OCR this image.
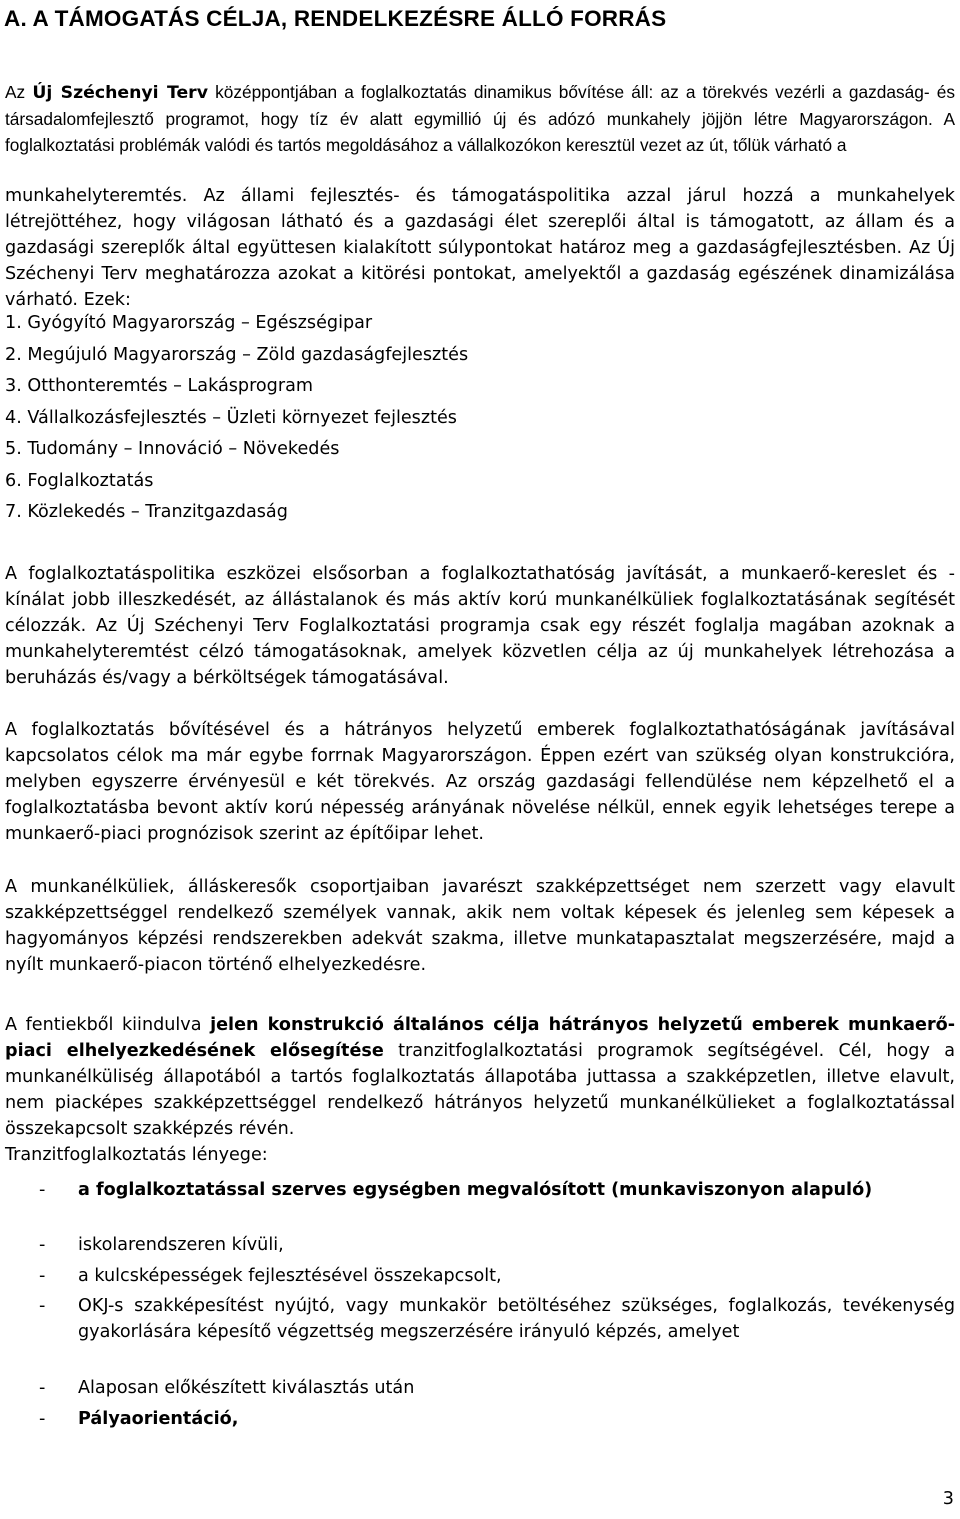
A. A TÁMOGATÁS CÉLJA, RENDELKEZÉSRE ÁLLÓ FORRÁS
Az Új Széchenyi Terv középpontjában a foglalkoztatás dinamikus bővítése áll: az a törekvés vezérli a gazdaság- és társadalomfejlesztő programot, hogy tíz év alatt egymillió új és adózó munkahely jöjjön létre Magyarországon. A foglalkoztatási problémák valódi és tartós megoldásához a vállalkozókon keresztül vezet az út, tőlük várható a
munkahelyteremtés. Az állami fejlesztés- és támogatáspolitika azzal járul hozzá a munkahelyek létrejöttéhez, hogy világosan látható és a gazdasági élet szereplői által is támogatott, az állam és a gazdasági szereplők által együttesen kialakított súlypontokat határoz meg a gazdaságfejlesztésben. Az Új Széchenyi Terv meghatározza azokat a kitörési pontokat, amelyektől a gazdaság egészének dinamizálása várható. Ezek:
1. Gyógyító Magyarország – Egészségipar
2. Megújuló Magyarország – Zöld gazdaságfejlesztés
3. Otthonteremtés – Lakásprogram
4. Vállalkozásfejlesztés – Üzleti környezet fejlesztés
5. Tudomány – Innováció – Növekedés
6. Foglalkoztatás
7. Közlekedés – Tranzitgazdaság
A foglalkoztatáspolitika eszközei elsősorban a foglalkoztathatóság javítását, a munkaerő-kereslet és - kínálat jobb illeszkedését, az állástalanok és más aktív korú munkanélküliek foglalkoztatásának segítését célozzák. Az Új Széchenyi Terv Foglalkoztatási programja csak egy részét foglalja magában azoknak a munkahelyteremtést célzó támogatásoknak, amelyek közvetlen célja az új munkahelyek létrehozása a beruházás és/vagy a bérköltségek támogatásával.
A foglalkoztatás bővítésével és a hátrányos helyzetű emberek foglalkoztathatóságának javításával kapcsolatos célok ma már egybe forrnak Magyarországon. Éppen ezért van szükség olyan konstrukcióra, melyben egyszerre érvényesül e két törekvés. Az ország gazdasági fellendülése nem képzelhető el a foglalkoztatásba bevont aktív korú népesség arányának növelése nélkül, ennek egyik lehetséges terepe a munkaerő-piaci prognózisok szerint az építőipar lehet.
A munkanélküliek, álláskeresők csoportjaiban javarészt szakképzettséget nem szerzett vagy elavult szakképzettséggel rendelkező személyek vannak, akik nem voltak képesek és jelenleg sem képesek a hagyományos képzési rendszerekben adekvát szakma, illetve munkatapasztalat megszerzésére, majd a nyílt munkaerő-piacon történő elhelyezkedésre.
A fentiekből kiindulva jelen konstrukció általános célja hátrányos helyzetű emberek munkaerő-piaci elhelyezkedésének elősegítése tranzitfoglalkoztatási programok segítségével. Cél, hogy a munkanélküliség állapotából a tartós foglalkoztatás állapotába juttassa a szakképzetlen, illetve elavult, nem piacképes szakképzettséggel rendelkező hátrányos helyzetű munkanélkülieket a foglalkoztatással összekapcsolt szakképzés révén.
Tranzitfoglalkoztatás lényege:
- a foglalkoztatással szerves egységben megvalósított (munkaviszonyon alapuló)
- iskolarendszeren kívüli,
- a kulcsképességek fejlesztésével összekapcsolt,
- OKJ-s szakképesítést nyújtó, vagy munkakör betöltéséhez szükséges, foglalkozás, tevékenység gyakorlására képesítő végzettség megszerzésére irányuló képzés, amelyet
- Alaposan előkészített kiválasztás után
- Pályaorientáció,
3
